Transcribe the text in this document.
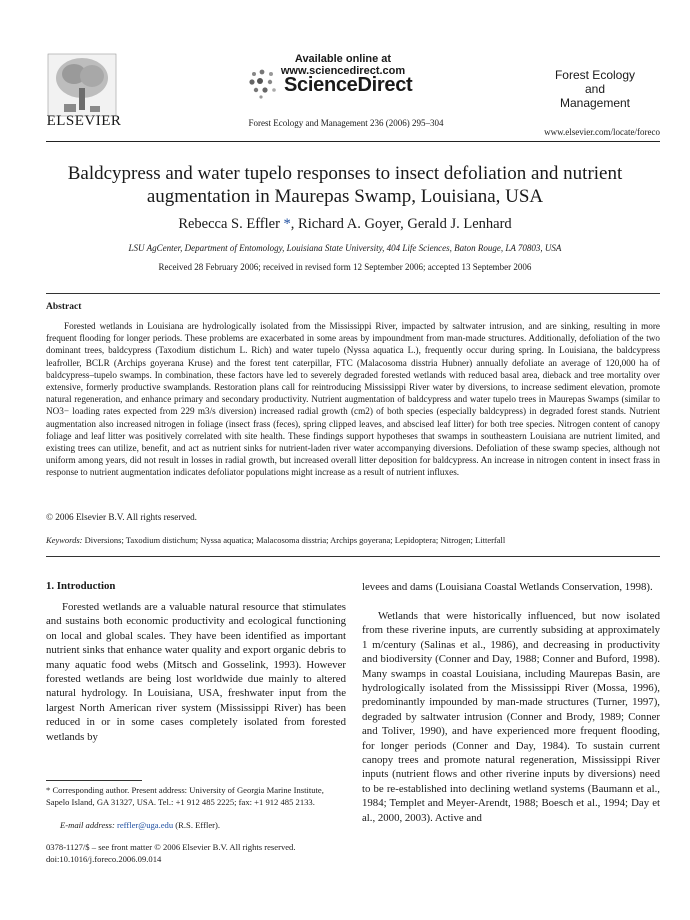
ELSEVIER
Available online at www.sciencedirect.com
ScienceDirect
Forest Ecology and Management 236 (2006) 295–304
Forest Ecology
and
Management
www.elsevier.com/locate/foreco
Baldcypress and water tupelo responses to insect defoliation and nutrient augmentation in Maurepas Swamp, Louisiana, USA
Rebecca S. Effler *, Richard A. Goyer, Gerald J. Lenhard
LSU AgCenter, Department of Entomology, Louisiana State University, 404 Life Sciences, Baton Rouge, LA 70803, USA
Received 28 February 2006; received in revised form 12 September 2006; accepted 13 September 2006
Abstract
Forested wetlands in Louisiana are hydrologically isolated from the Mississippi River, impacted by saltwater intrusion, and are sinking, resulting in more frequent flooding for longer periods. These problems are exacerbated in some areas by impoundment from man-made structures. Additionally, defoliation of the two dominant trees, baldcypress (Taxodium distichum L. Rich) and water tupelo (Nyssa aquatica L.), frequently occur during spring. In Louisiana, the baldcypress leafroller, BCLR (Archips goyerana Kruse) and the forest tent caterpillar, FTC (Malacosoma disstria Hubner) annually defoliate an average of 120,000 ha of baldcypress–tupelo swamps. In combination, these factors have led to severely degraded forested wetlands with reduced basal area, dieback and tree mortality over extensive, formerly productive swamplands. Restoration plans call for reintroducing Mississippi River water by diversions, to increase sediment elevation, promote natural regeneration, and enhance primary and secondary productivity. Nutrient augmentation of baldcypress and water tupelo trees in Maurepas Swamps (similar to NO3− loading rates expected from 229 m3/s diversion) increased radial growth (cm2) of both species (especially baldcypress) in degraded forest stands. Nutrient augmentation also increased nitrogen in foliage (insect frass (feces), spring clipped leaves, and abscised leaf litter) for both tree species. Nitrogen content of canopy foliage and leaf litter was positively correlated with site health. These findings support hypotheses that swamps in southeastern Louisiana are nutrient limited, and existing trees can utilize, benefit, and act as nutrient sinks for nutrient-laden river water accompanying diversions. Defoliation of these swamp species, although not uniform among years, did not result in losses in radial growth, but increased overall litter deposition for baldcypress. An increase in nitrogen content in insect frass in response to nutrient augmentation indicates defoliator populations might increase as a result of nutrient influxes.
© 2006 Elsevier B.V. All rights reserved.
Keywords: Diversions; Taxodium distichum; Nyssa aquatica; Malacosoma disstria; Archips goyerana; Lepidoptera; Nitrogen; Litterfall
1. Introduction
Forested wetlands are a valuable natural resource that stimulates and sustains both economic productivity and ecological functioning on local and global scales. They have been identified as important nutrient sinks that enhance water quality and export organic debris to many aquatic food webs (Mitsch and Gosselink, 1993). However forested wetlands are being lost worldwide due mainly to altered natural hydrology. In Louisiana, USA, freshwater input from the largest North American river system (Mississippi River) has been reduced in or in some cases completely isolated from forested wetlands by
levees and dams (Louisiana Coastal Wetlands Conservation, 1998).
Wetlands that were historically influenced, but now isolated from these riverine inputs, are currently subsiding at approximately 1 m/century (Salinas et al., 1986), and decreasing in productivity and biodiversity (Conner and Day, 1988; Conner and Buford, 1998). Many swamps in coastal Louisiana, including Maurepas Basin, are hydrologically isolated from the Mississippi River (Mossa, 1996), predominantly impounded by man-made structures (Turner, 1997), degraded by saltwater intrusion (Conner and Brody, 1989; Conner and Toliver, 1990), and have experienced more frequent flooding, for longer periods (Conner and Day, 1984). To sustain current canopy trees and promote natural regeneration, Mississippi River inputs (nutrient flows and other riverine inputs by diversions) need to be re-established into declining wetland systems (Baumann et al., 1984; Templet and Meyer-Arendt, 1988; Boesch et al., 1994; Day et al., 2000, 2003). Active and
* Corresponding author. Present address: University of Georgia Marine Institute, Sapelo Island, GA 31327, USA. Tel.: +1 912 485 2225; fax: +1 912 485 2133.
E-mail address: reffler@uga.edu (R.S. Effler).
0378-1127/$ – see front matter © 2006 Elsevier B.V. All rights reserved.
doi:10.1016/j.foreco.2006.09.014
